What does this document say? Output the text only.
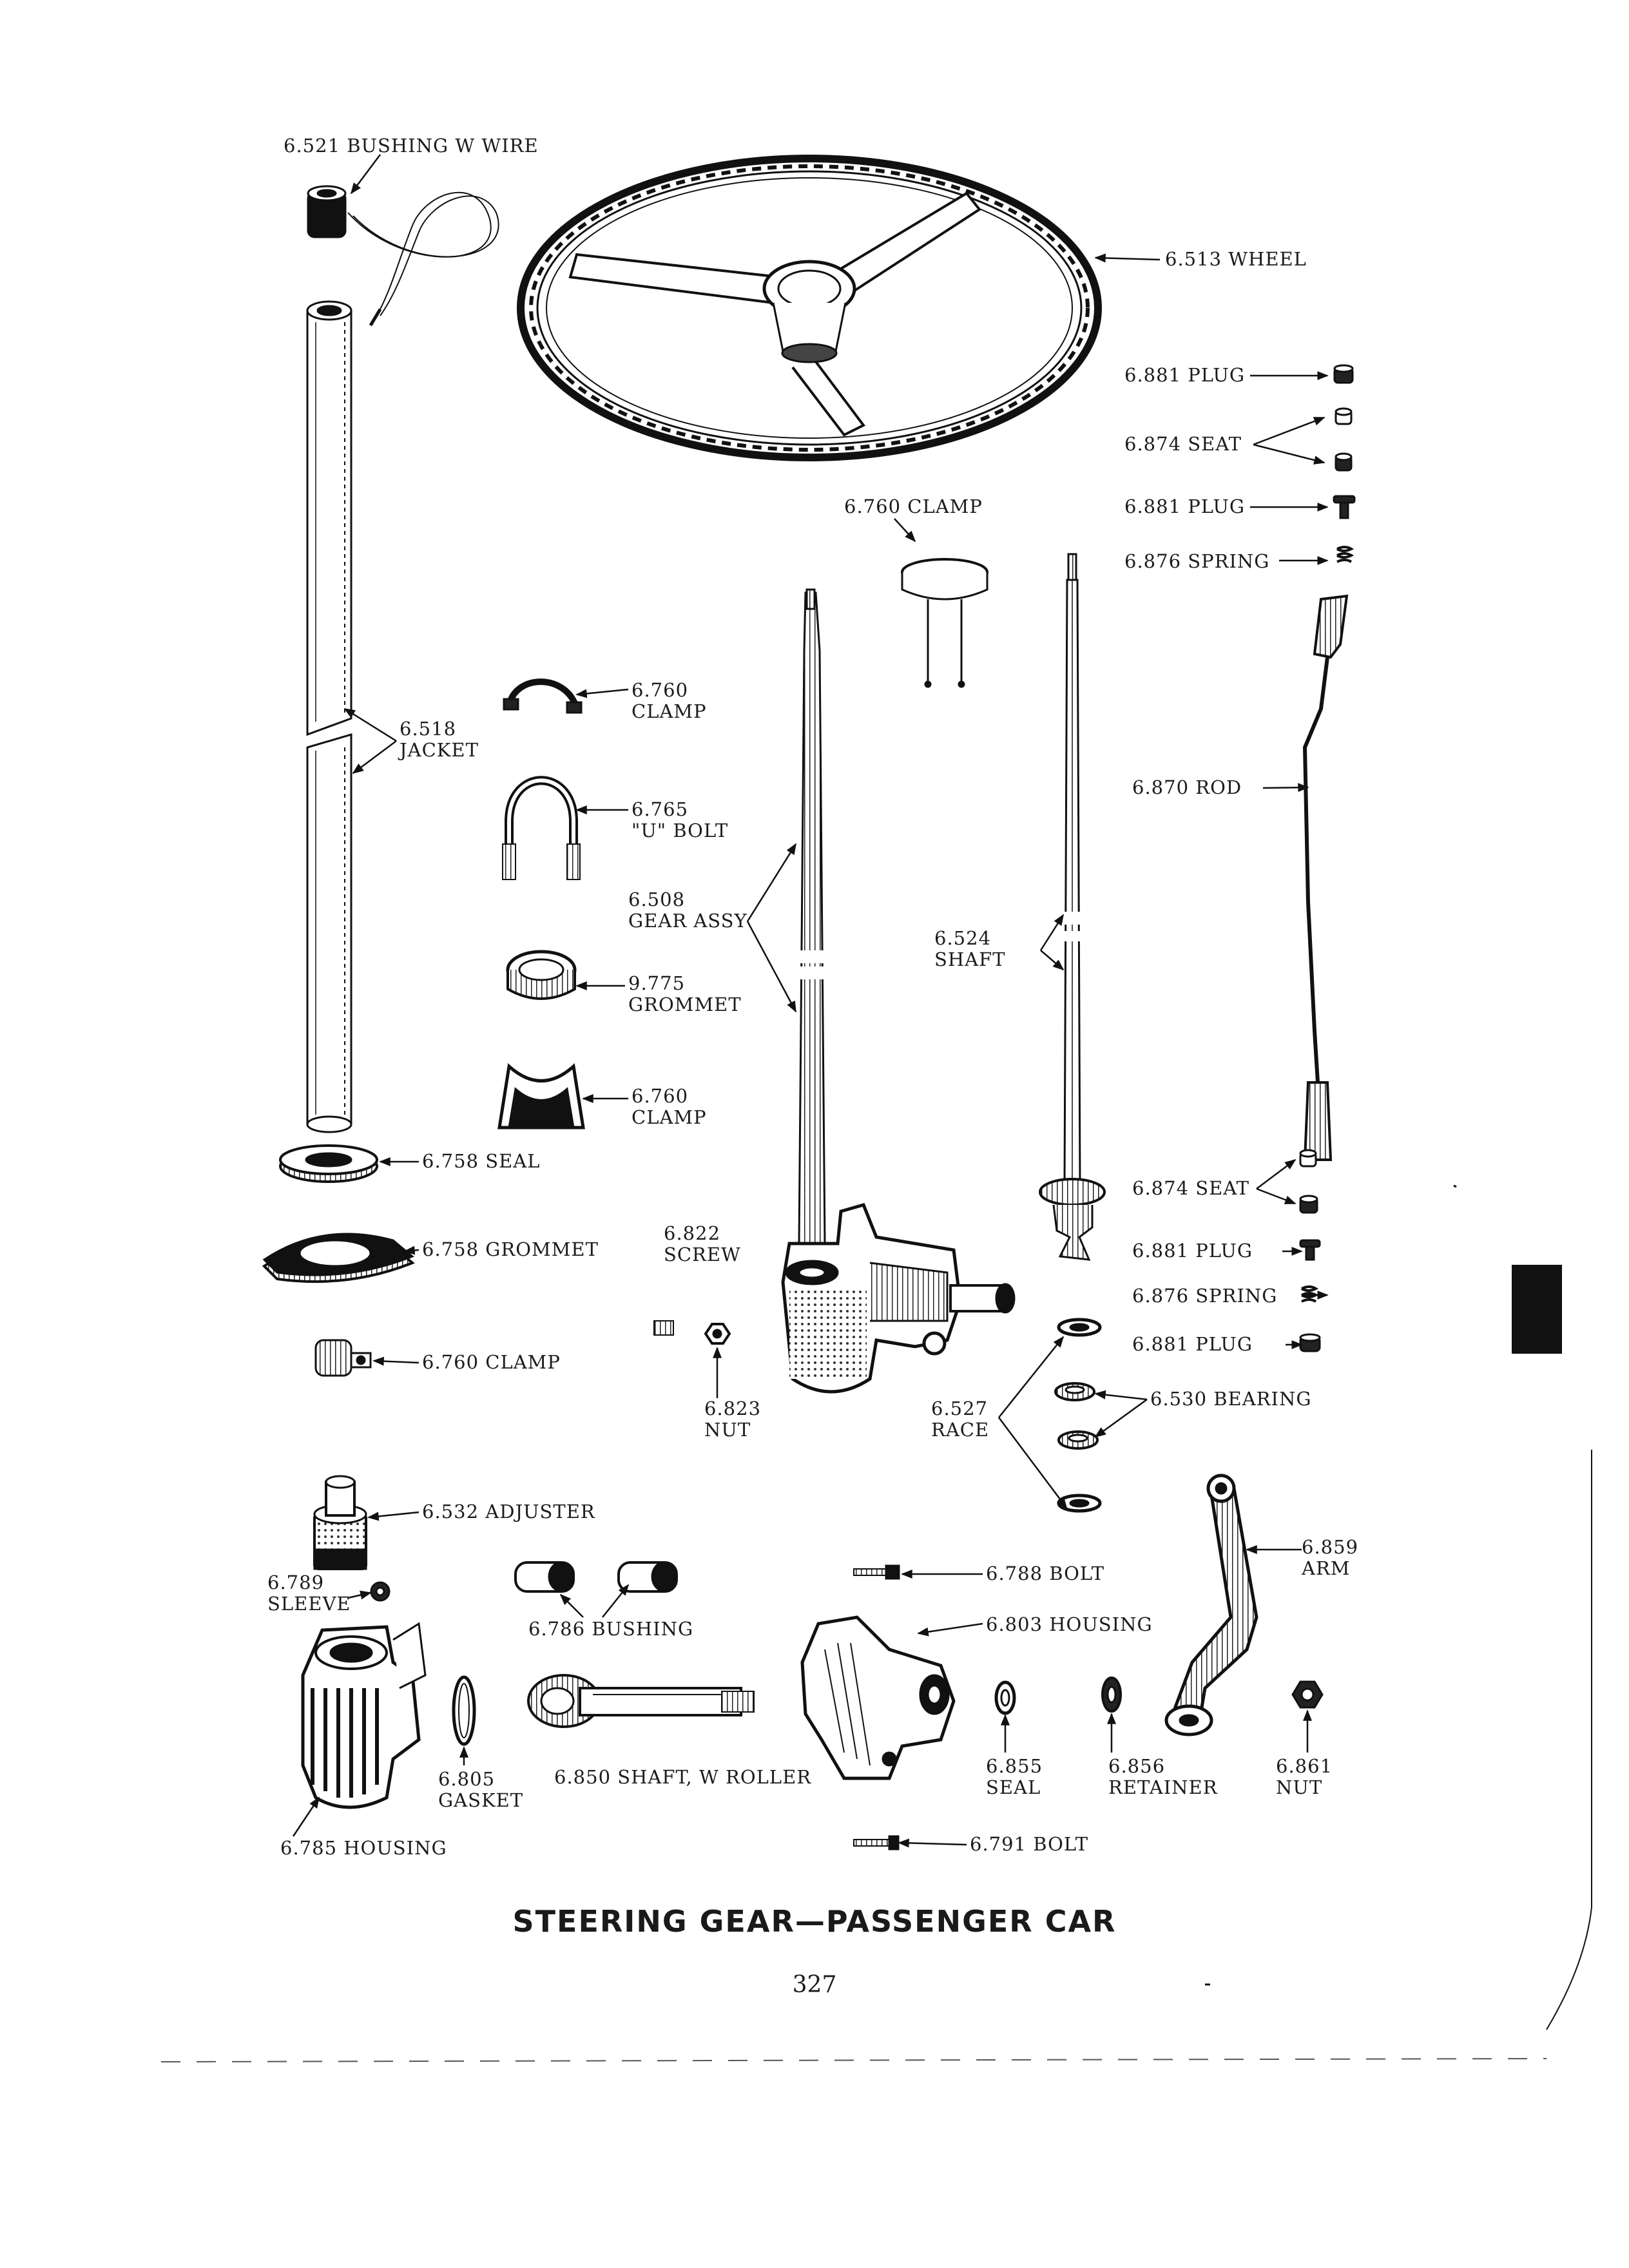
6.521 BUSHING W WIRE
6.513 WHEEL
6.881 PLUG
6.874 SEAT
6.760 CLAMP	6.881 PLUG
6.876 SPRING
6.760
CLAMP
6.518
JACKET
6.870 ROD
6.765
"U" BOLT
6.508
GEAR ASSY
6.524
SHAFT
9.775
GROMMET
6.760
CLAMP
6.758 SEAL
6.874 SEAT
6.822
SCREW
6.758 GROMMET	6.881 PLUG
6.876 SPRING
6.881 PLUG
6.760 CLAMP
6.823
NUT
6.527
RACE
6.530 BEARING
6.532 ADJUSTER
6.859
ARM
6.789
SLEEVE
6.788 BOLT
6.786 BUSHING	6.803 HOUSING
6.805
GASKET
6.850 SHAFT, W ROLLER	6.855
SEAL
6.856
RETAINER
6.861
NUT
6.785 HOUSING	6.791 BOLT
STEERING GEAR—PASSENGER CAR
327
